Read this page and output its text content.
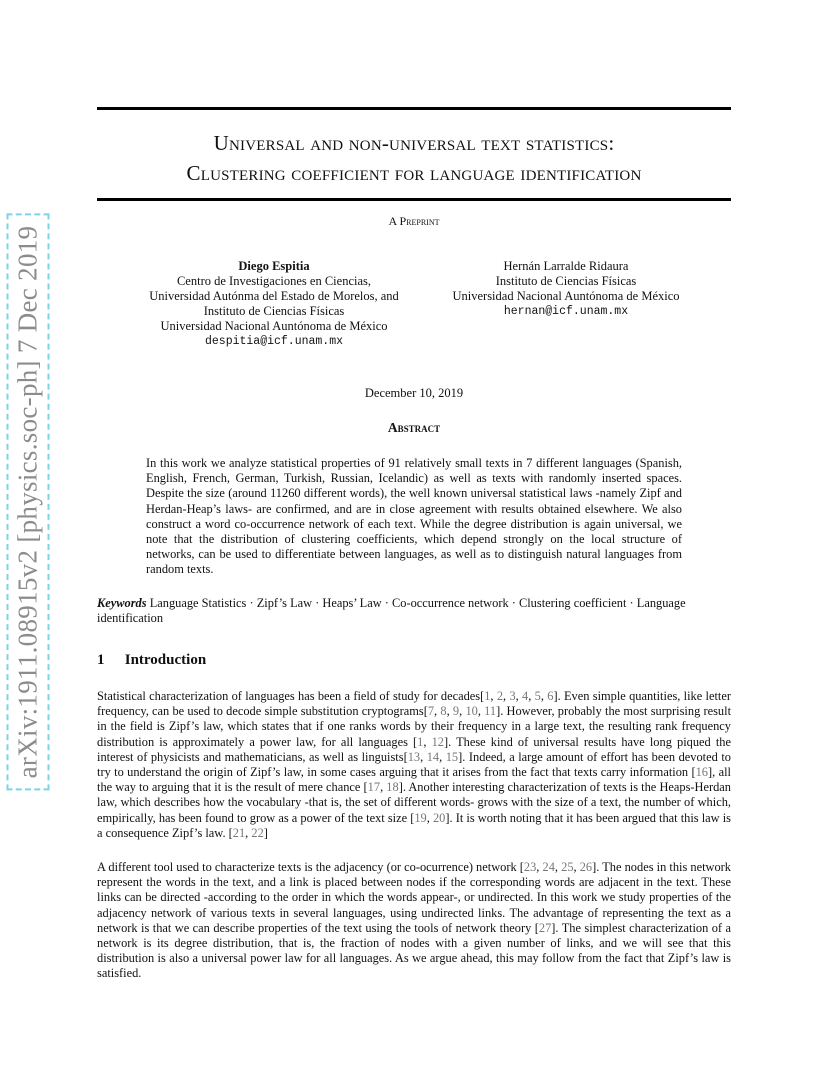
arXiv:1911.08915v2 [physics.soc-ph] 7 Dec 2019
Universal and non-universal text statistics:
Clustering coefficient for language identification
A Preprint
Diego Espitia
Centro de Investigaciones en Ciencias,
Universidad Autónma del Estado de Morelos, and
Instituto de Ciencias Físicas
Universidad Nacional Auntónoma de México
despitia@icf.unam.mx
Hernán Larralde Ridaura
Instituto de Ciencias Físicas
Universidad Nacional Auntónoma de México
hernan@icf.unam.mx
December 10, 2019
Abstract
In this work we analyze statistical properties of 91 relatively small texts in 7 different languages (Spanish, English, French, German, Turkish, Russian, Icelandic) as well as texts with randomly inserted spaces. Despite the size (around 11260 different words), the well known universal statistical laws -namely Zipf and Herdan-Heap’s laws- are confirmed, and are in close agreement with results obtained elsewhere. We also construct a word co-occurrence network of each text. While the degree distribution is again universal, we note that the distribution of clustering coefficients, which depend strongly on the local structure of networks, can be used to differentiate between languages, as well as to distinguish natural languages from random texts.
Keywords Language Statistics · Zipf’s Law · Heaps’ Law · Co-occurrence network · Clustering coefficient · Language identification
1 Introduction

Statistical characterization of languages has been a field of study for decades[1, 2, 3, 4, 5, 6]. Even simple quantities, like letter frequency, can be used to decode simple substitution cryptograms[7, 8, 9, 10, 11]. However, probably the most surprising result in the field is Zipf’s law, which states that if one ranks words by their frequency in a large text, the resulting rank frequency distribution is approximately a power law, for all languages [1, 12]. These kind of universal results have long piqued the interest of physicists and mathematicians, as well as linguists[13, 14, 15]. Indeed, a large amount of effort has been devoted to try to understand the origin of Zipf’s law, in some cases arguing that it arises from the fact that texts carry information [16], all the way to arguing that it is the result of mere chance [17, 18]. Another interesting characterization of texts is the Heaps-Herdan law, which describes how the vocabulary -that is, the set of different words- grows with the size of a text, the number of which, empirically, has been found to grow as a power of the text size [19, 20]. It is worth noting that it has been argued that this law is a consequence Zipf’s law. [21, 22]

A different tool used to characterize texts is the adjacency (or co-ocurrence) network [23, 24, 25, 26]. The nodes in this network represent the words in the text, and a link is placed between nodes if the corresponding words are adjacent in the text. These links can be directed -according to the order in which the words appear-, or undirected. In this work we study properties of the adjacency network of various texts in several languages, using undirected links. The advantage of representing the text as a network is that we can describe properties of the text using the tools of network theory [27]. The simplest characterization of a network is its degree distribution, that is, the fraction of nodes with a given number of links, and we will see that this distribution is also a universal power law for all languages. As we argue ahead, this may follow from the fact that Zipf’s law is satisfied.
